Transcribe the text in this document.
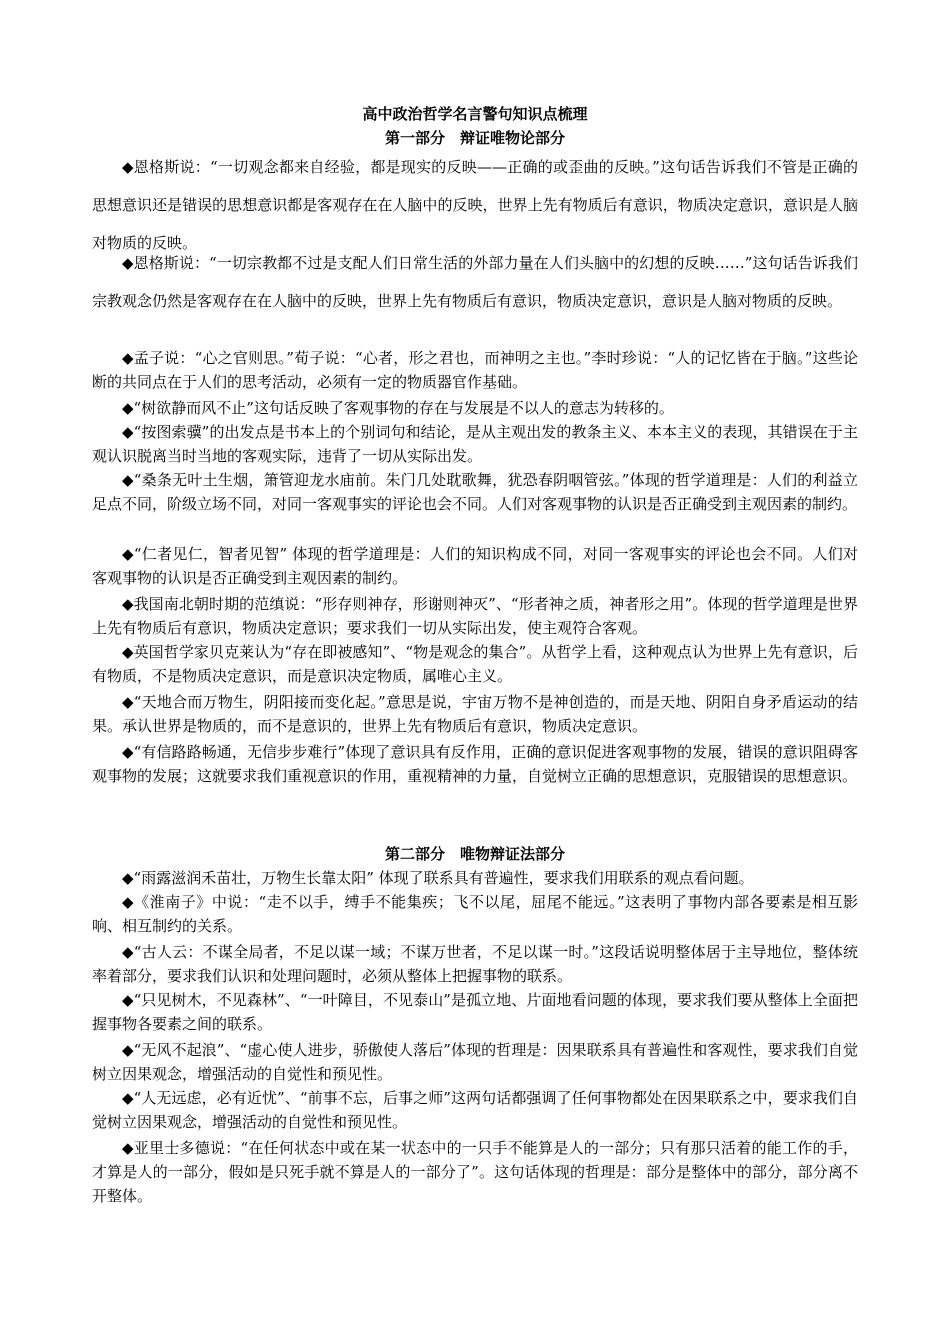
高中政治哲学名言警句知识点梳理
第一部分　辩证唯物论部分

◆恩格斯说：“一切观念都来自经验，都是现实的反映——正确的或歪曲的反映。”这句话告诉我们不管是正确的思想意识还是错误的思想意识都是客观存在在人脑中的反映，世界上先有物质后有意识，物质决定意识，意识是人脑对物质的反映。

◆恩格斯说：“一切宗教都不过是支配人们日常生活的外部力量在人们头脑中的幻想的反映……”这句话告诉我们宗教观念仍然是客观存在在人脑中的反映，世界上先有物质后有意识，物质决定意识，意识是人脑对物质的反映。

◆孟子说：“心之官则思。”荀子说：“心者，形之君也，而神明之主也。”李时珍说：“人的记忆皆在于脑。”这些论断的共同点在于人们的思考活动，必须有一定的物质器官作基础。

◆“树欲静而风不止”这句话反映了客观事物的存在与发展是不以人的意志为转移的。

◆“按图索骥”的出发点是书本上的个别词句和结论，是从主观出发的教条主义、本本主义的表现，其错误在于主观认识脱离当时当地的客观实际，违背了一切从实际出发。

◆“桑条无叶土生烟，箫管迎龙水庙前。朱门几处耽歌舞，犹恐春阴咽管弦。”体现的哲学道理是：人们的利益立足点不同，阶级立场不同，对同一客观事实的评论也会不同。人们对客观事物的认识是否正确受到主观因素的制约。

◆“仁者见仁，智者见智” 体现的哲学道理是：人们的知识构成不同，对同一客观事实的评论也会不同。人们对客观事物的认识是否正确受到主观因素的制约。

◆我国南北朝时期的范缜说：“形存则神存，形谢则神灭”、“形者神之质，神者形之用”。体现的哲学道理是世界上先有物质后有意识，物质决定意识；要求我们一切从实际出发，使主观符合客观。

◆英国哲学家贝克莱认为“存在即被感知”、“物是观念的集合”。从哲学上看，这种观点认为世界上先有意识，后有物质，不是物质决定意识，而是意识决定物质，属唯心主义。

◆“天地合而万物生，阴阳接而变化起。”意思是说，宇宙万物不是神创造的，而是天地、阴阳自身矛盾运动的结果。承认世界是物质的，而不是意识的，世界上先有物质后有意识，物质决定意识。

◆“有信路路畅通，无信步步难行”体现了意识具有反作用，正确的意识促进客观事物的发展，错误的意识阻碍客观事物的发展；这就要求我们重视意识的作用，重视精神的力量，自觉树立正确的思想意识，克服错误的思想意识。

第二部分　唯物辩证法部分

◆“雨露滋润禾苗壮，万物生长靠太阳” 体现了联系具有普遍性，要求我们用联系的观点看问题。

◆《淮南子》中说：“走不以手，缚手不能集疾；飞不以尾，屈尾不能远。”这表明了事物内部各要素是相互影响、相互制约的关系。

◆“古人云：不谋全局者，不足以谋一域；不谋万世者，不足以谋一时。”这段话说明整体居于主导地位，整体统率着部分，要求我们认识和处理问题时，必须从整体上把握事物的联系。

◆“只见树木，不见森林”、“一叶障目，不见泰山”是孤立地、片面地看问题的体现，要求我们要从整体上全面把握事物各要素之间的联系。

◆“无风不起浪”、“虚心使人进步，骄傲使人落后”体现的哲理是：因果联系具有普遍性和客观性，要求我们自觉树立因果观念，增强活动的自觉性和预见性。

◆“人无远虑，必有近忧”、“前事不忘，后事之师”这两句话都强调了任何事物都处在因果联系之中，要求我们自觉树立因果观念，增强活动的自觉性和预见性。

◆亚里士多德说：“在任何状态中或在某一状态中的一只手不能算是人的一部分；只有那只活着的能工作的手，才算是人的一部分，假如是只死手就不算是人的一部分了”。这句话体现的哲理是：部分是整体中的部分，部分离不开整体。
